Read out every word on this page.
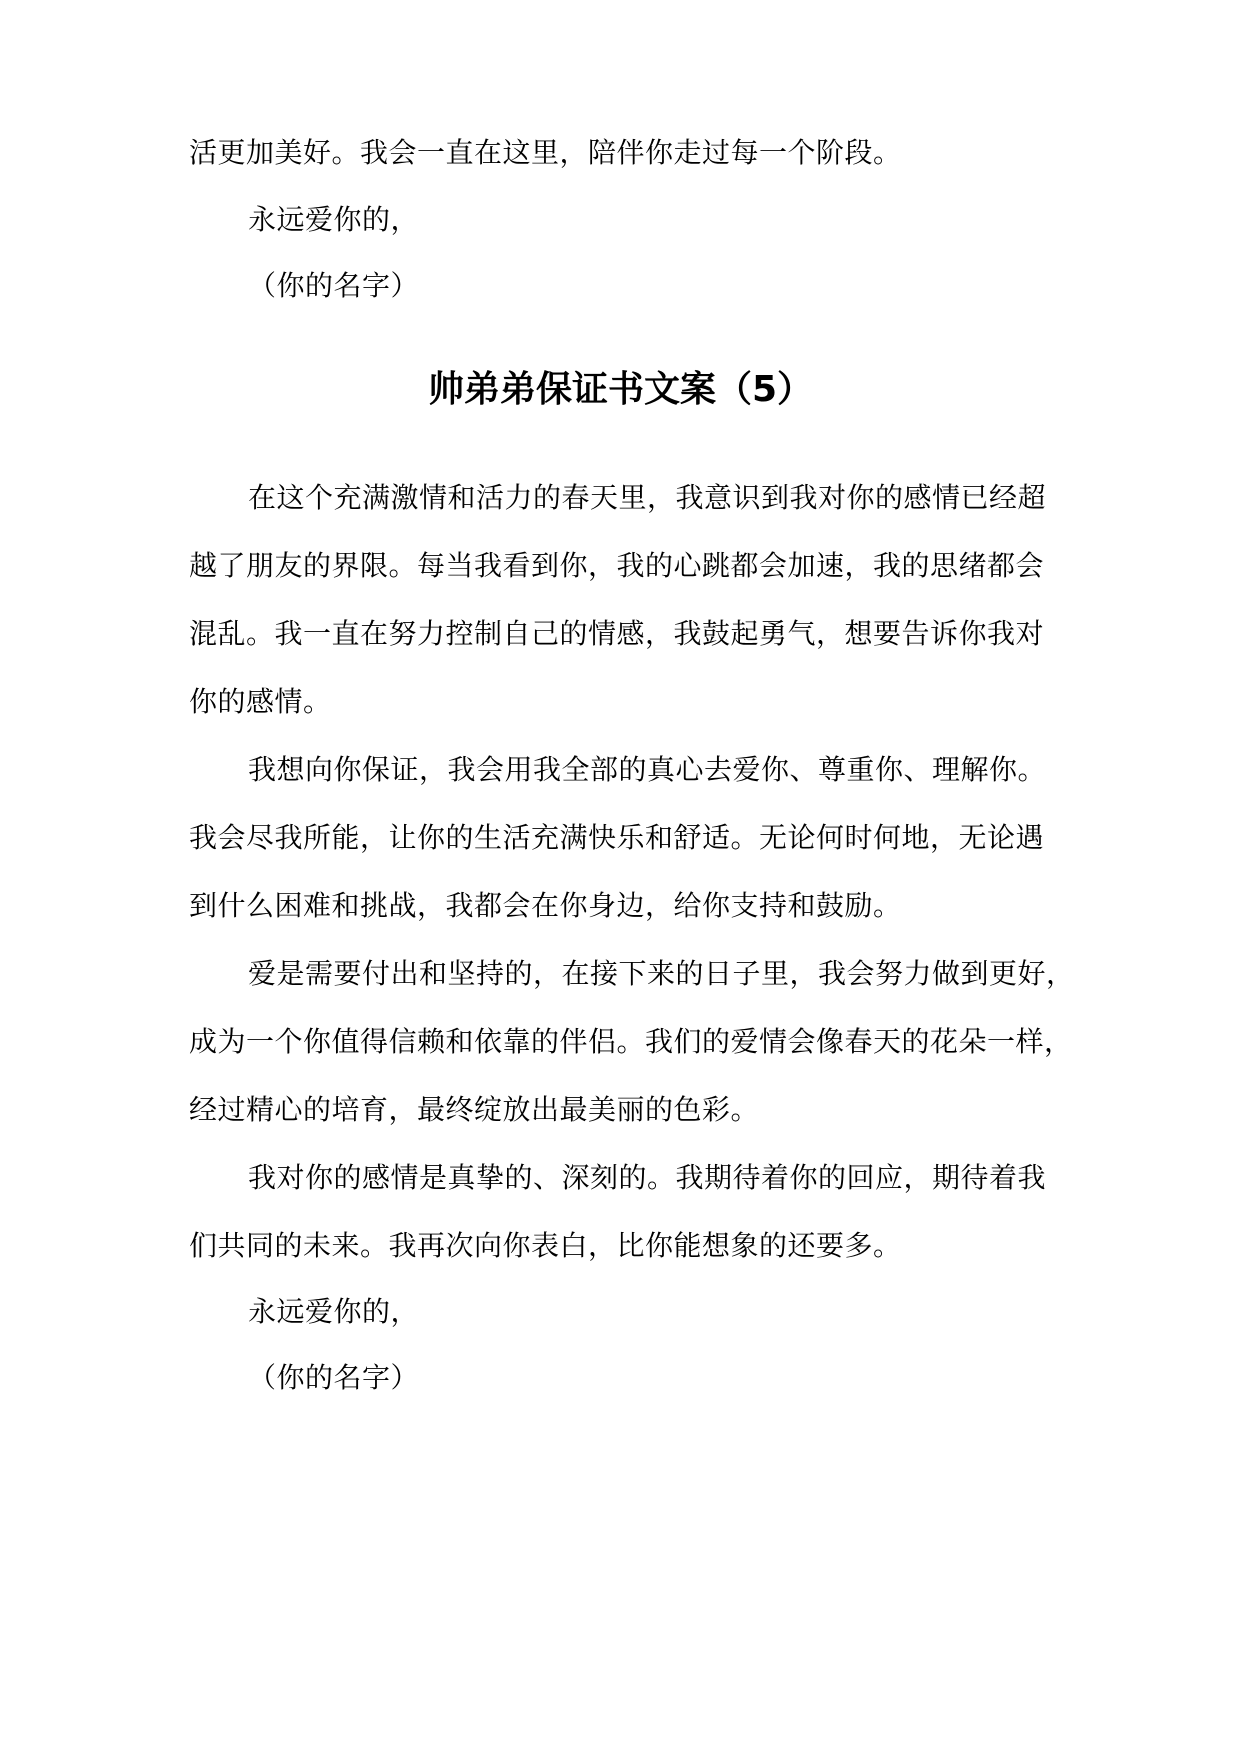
活更加美好。我会一直在这里，陪伴你走过每一个阶段。
永远爱你的，
（你的名字）
帅弟弟保证书文案（5）
在这个充满激情和活力的春天里，我意识到我对你的感情已经超
越了朋友的界限。每当我看到你，我的心跳都会加速，我的思绪都会
混乱。我一直在努力控制自己的情感，我鼓起勇气，想要告诉你我对
你的感情。
我想向你保证，我会用我全部的真心去爱你、尊重你、理解你。
我会尽我所能，让你的生活充满快乐和舒适。无论何时何地，无论遇
到什么困难和挑战，我都会在你身边，给你支持和鼓励。
爱是需要付出和坚持的，在接下来的日子里，我会努力做到更好，
成为一个你值得信赖和依靠的伴侣。我们的爱情会像春天的花朵一样，
经过精心的培育，最终绽放出最美丽的色彩。
我对你的感情是真挚的、深刻的。我期待着你的回应，期待着我
们共同的未来。我再次向你表白，比你能想象的还要多。
永远爱你的，
（你的名字）
